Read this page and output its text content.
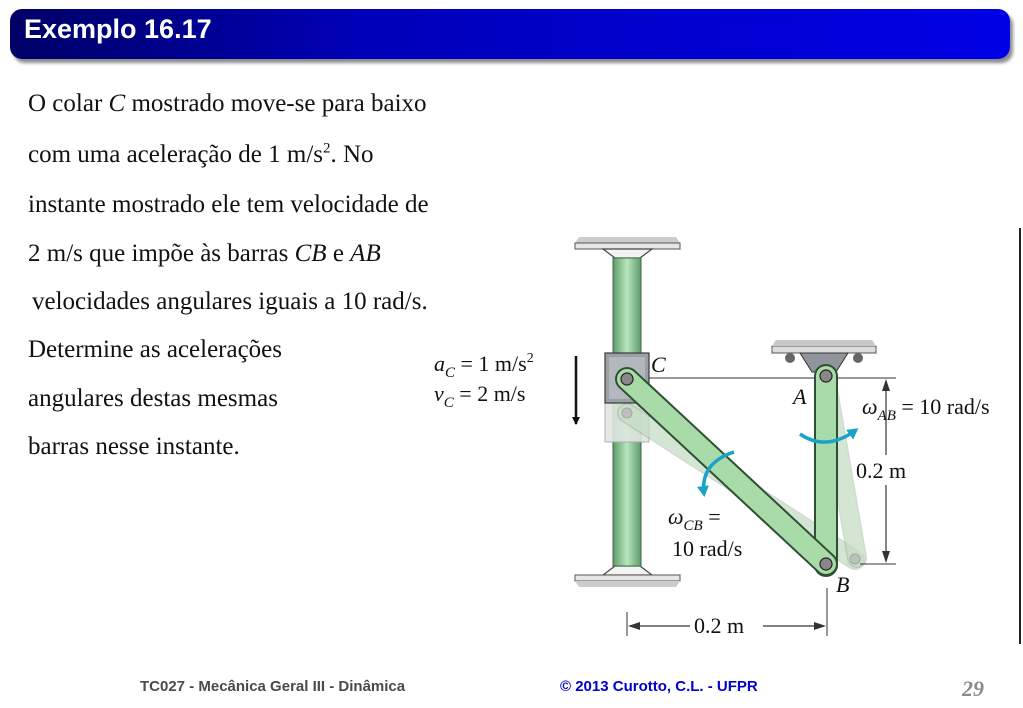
Exemplo 16.17
O colar C mostrado move-se para baixo
com uma aceleração de 1 $m/s^2$. No
instante mostrado ele tem velocidade de
2 m/s que impõe às barras CB e AB
velocidades angulares iguais a 10 rad/s.
Determine as acelerações
angulares destas mesmas
barras nesse instante.
$a_C = 1$ $m/s^2$
$v_C = 2$ m/s
C
A
B
$\omega_{AB} = 10$ rad/s
$\omega_{CB}$ =
10 rad/s
0.2 m
0.2 m
TC027 - Mecânica Geral III - Dinâmica	© 2013 Curotto, C.L. - UFPR	29
